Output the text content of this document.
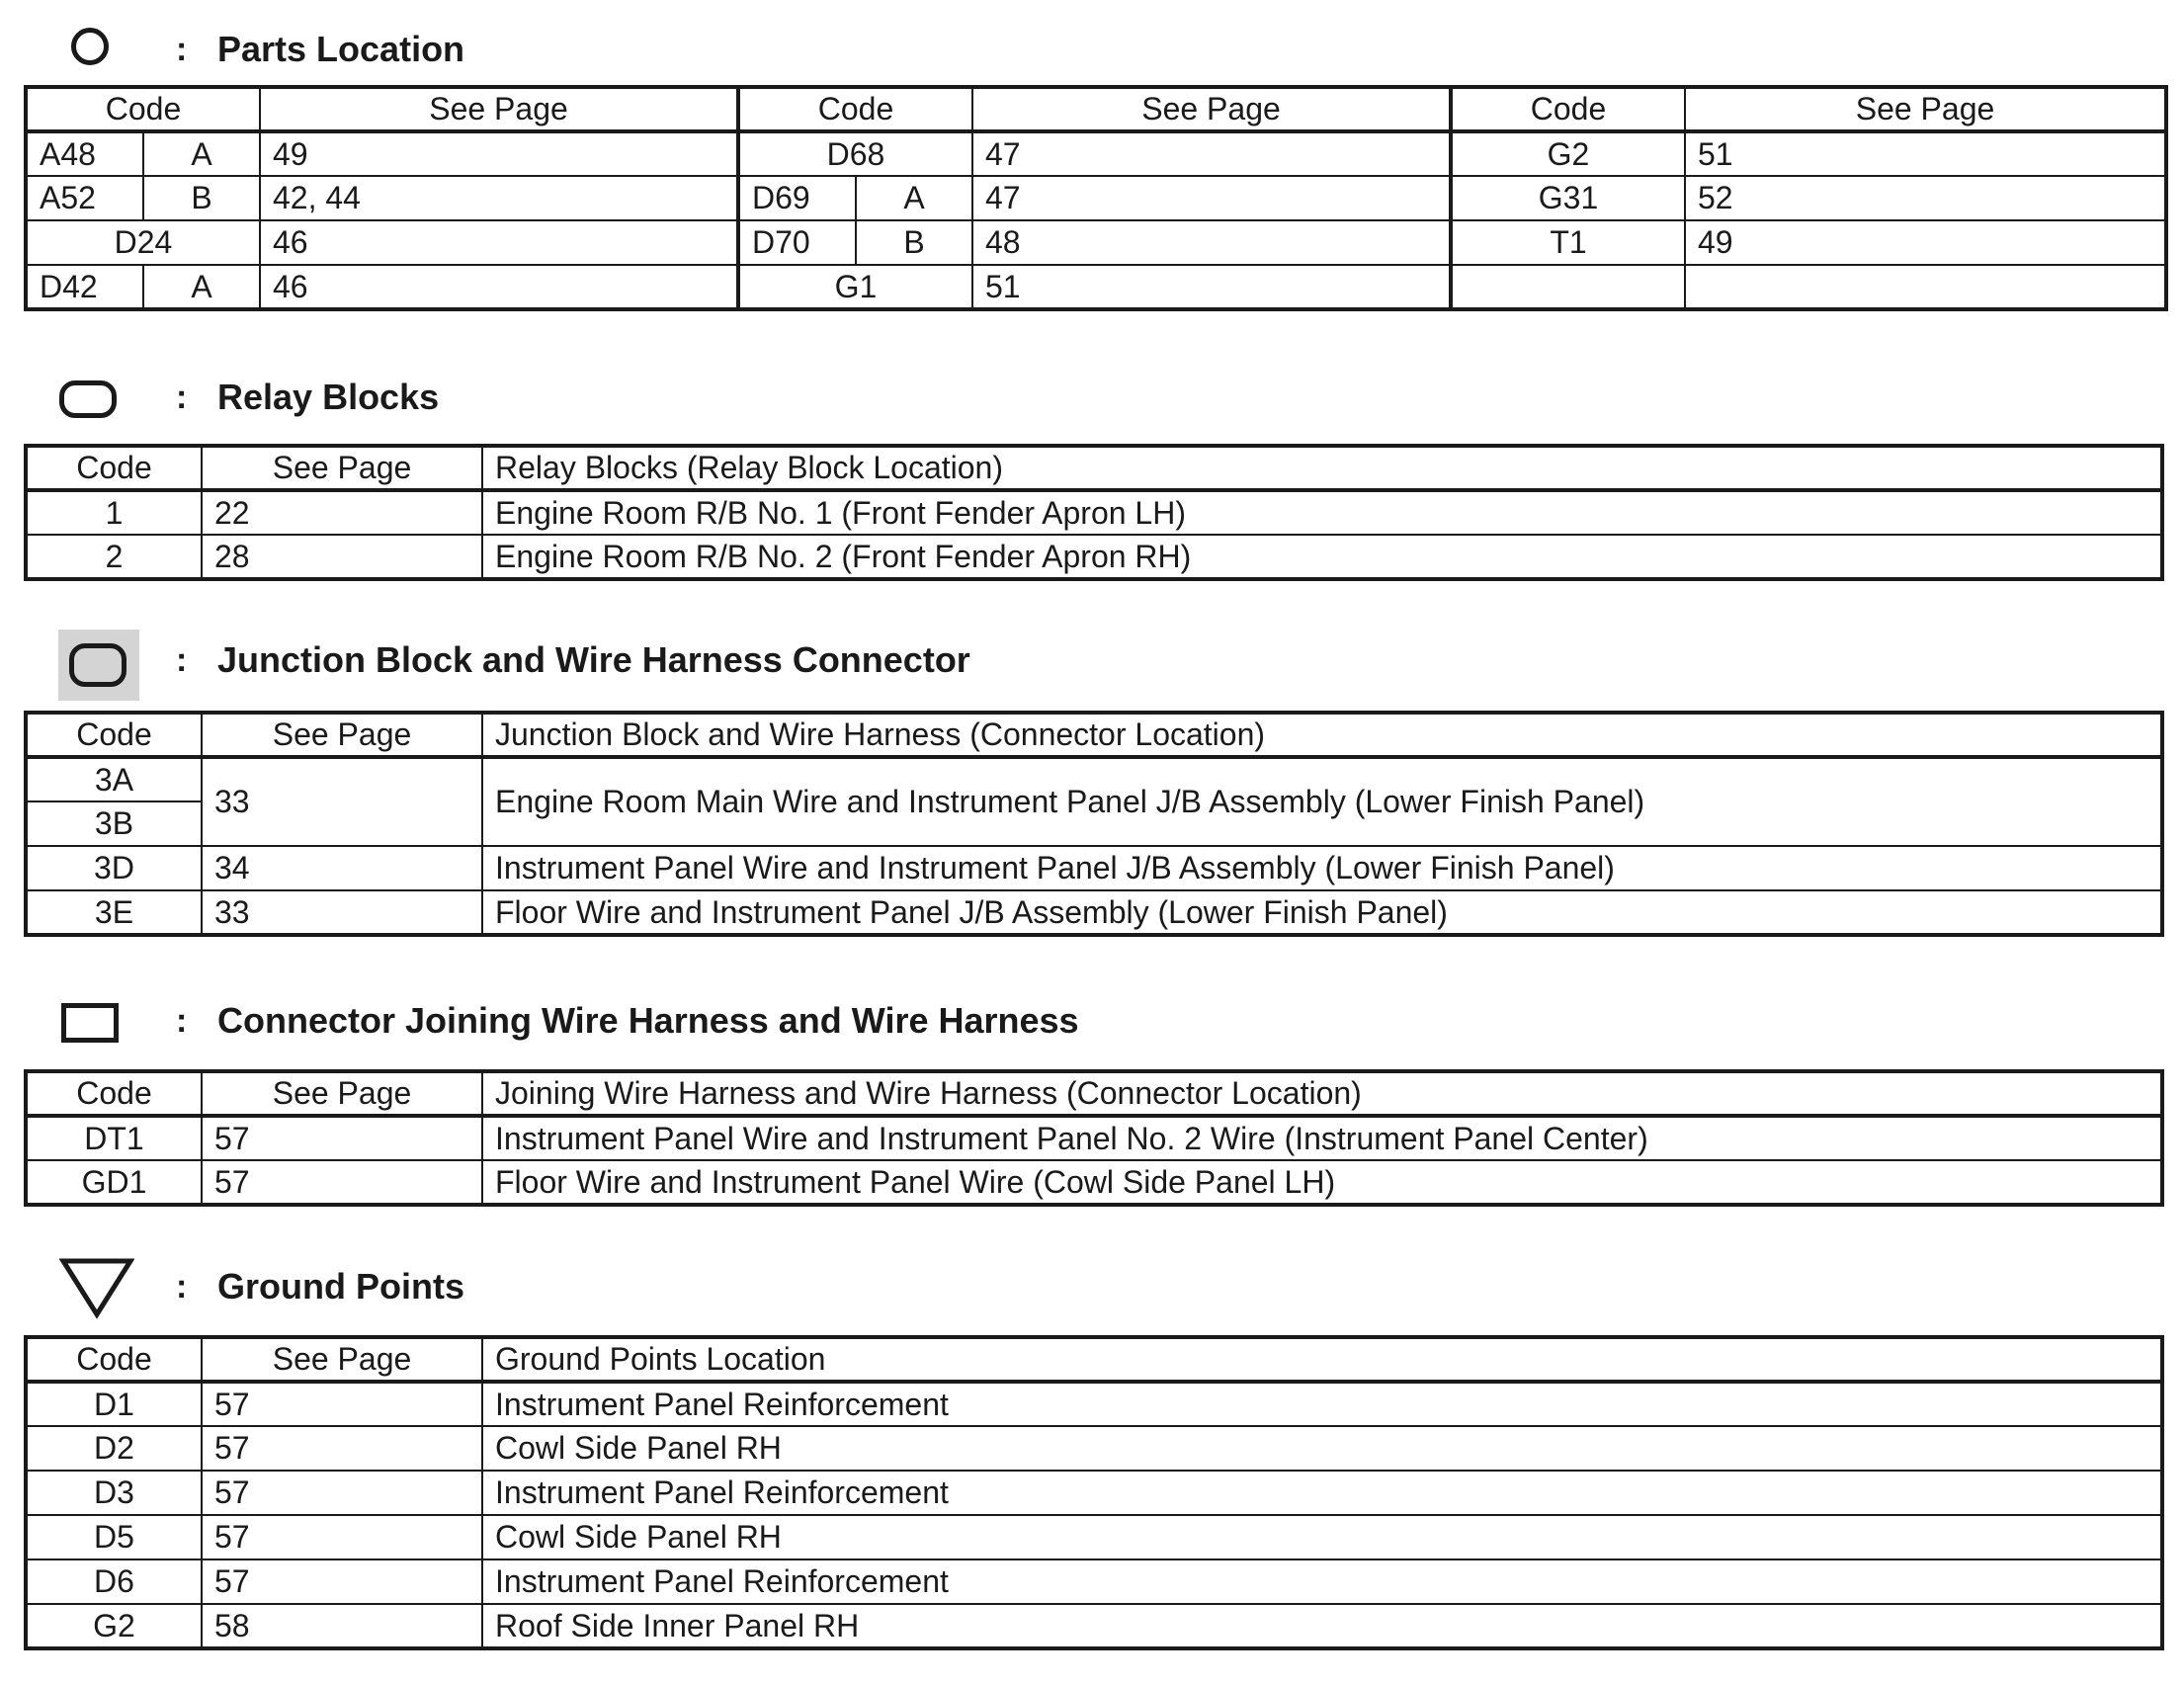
: Parts Location
Code		See Page	Code		See Page	Code	See Page
A48	A	49	D68		47	G2	51
A52	B	42, 44	D69	A	47	G31	52
D24		46	D70	B	48	T1	49
D42	A	46	G1		51		
: Relay Blocks
Code	See Page	Relay Blocks (Relay Block Location)
1	22	Engine Room R/B No. 1 (Front Fender Apron LH)
2	28	Engine Room R/B No. 2 (Front Fender Apron RH)
: Junction Block and Wire Harness Connector
Code	See Page	Junction Block and Wire Harness (Connector Location)
3A	33	Engine Room Main Wire and Instrument Panel J/B Assembly (Lower Finish Panel)
3B		
3D	34	Instrument Panel Wire and Instrument Panel J/B Assembly (Lower Finish Panel)
3E	33	Floor Wire and Instrument Panel J/B Assembly (Lower Finish Panel)
: Connector Joining Wire Harness and Wire Harness
Code	See Page	Joining Wire Harness and Wire Harness (Connector Location)
DT1	57	Instrument Panel Wire and Instrument Panel No. 2 Wire (Instrument Panel Center)
GD1	57	Floor Wire and Instrument Panel Wire (Cowl Side Panel LH)
: Ground Points
Code	See Page	Ground Points Location
D1	57	Instrument Panel Reinforcement
D2	57	Cowl Side Panel RH
D3	57	Instrument Panel Reinforcement
D5	57	Cowl Side Panel RH
D6	57	Instrument Panel Reinforcement
G2	58	Roof Side Inner Panel RH
